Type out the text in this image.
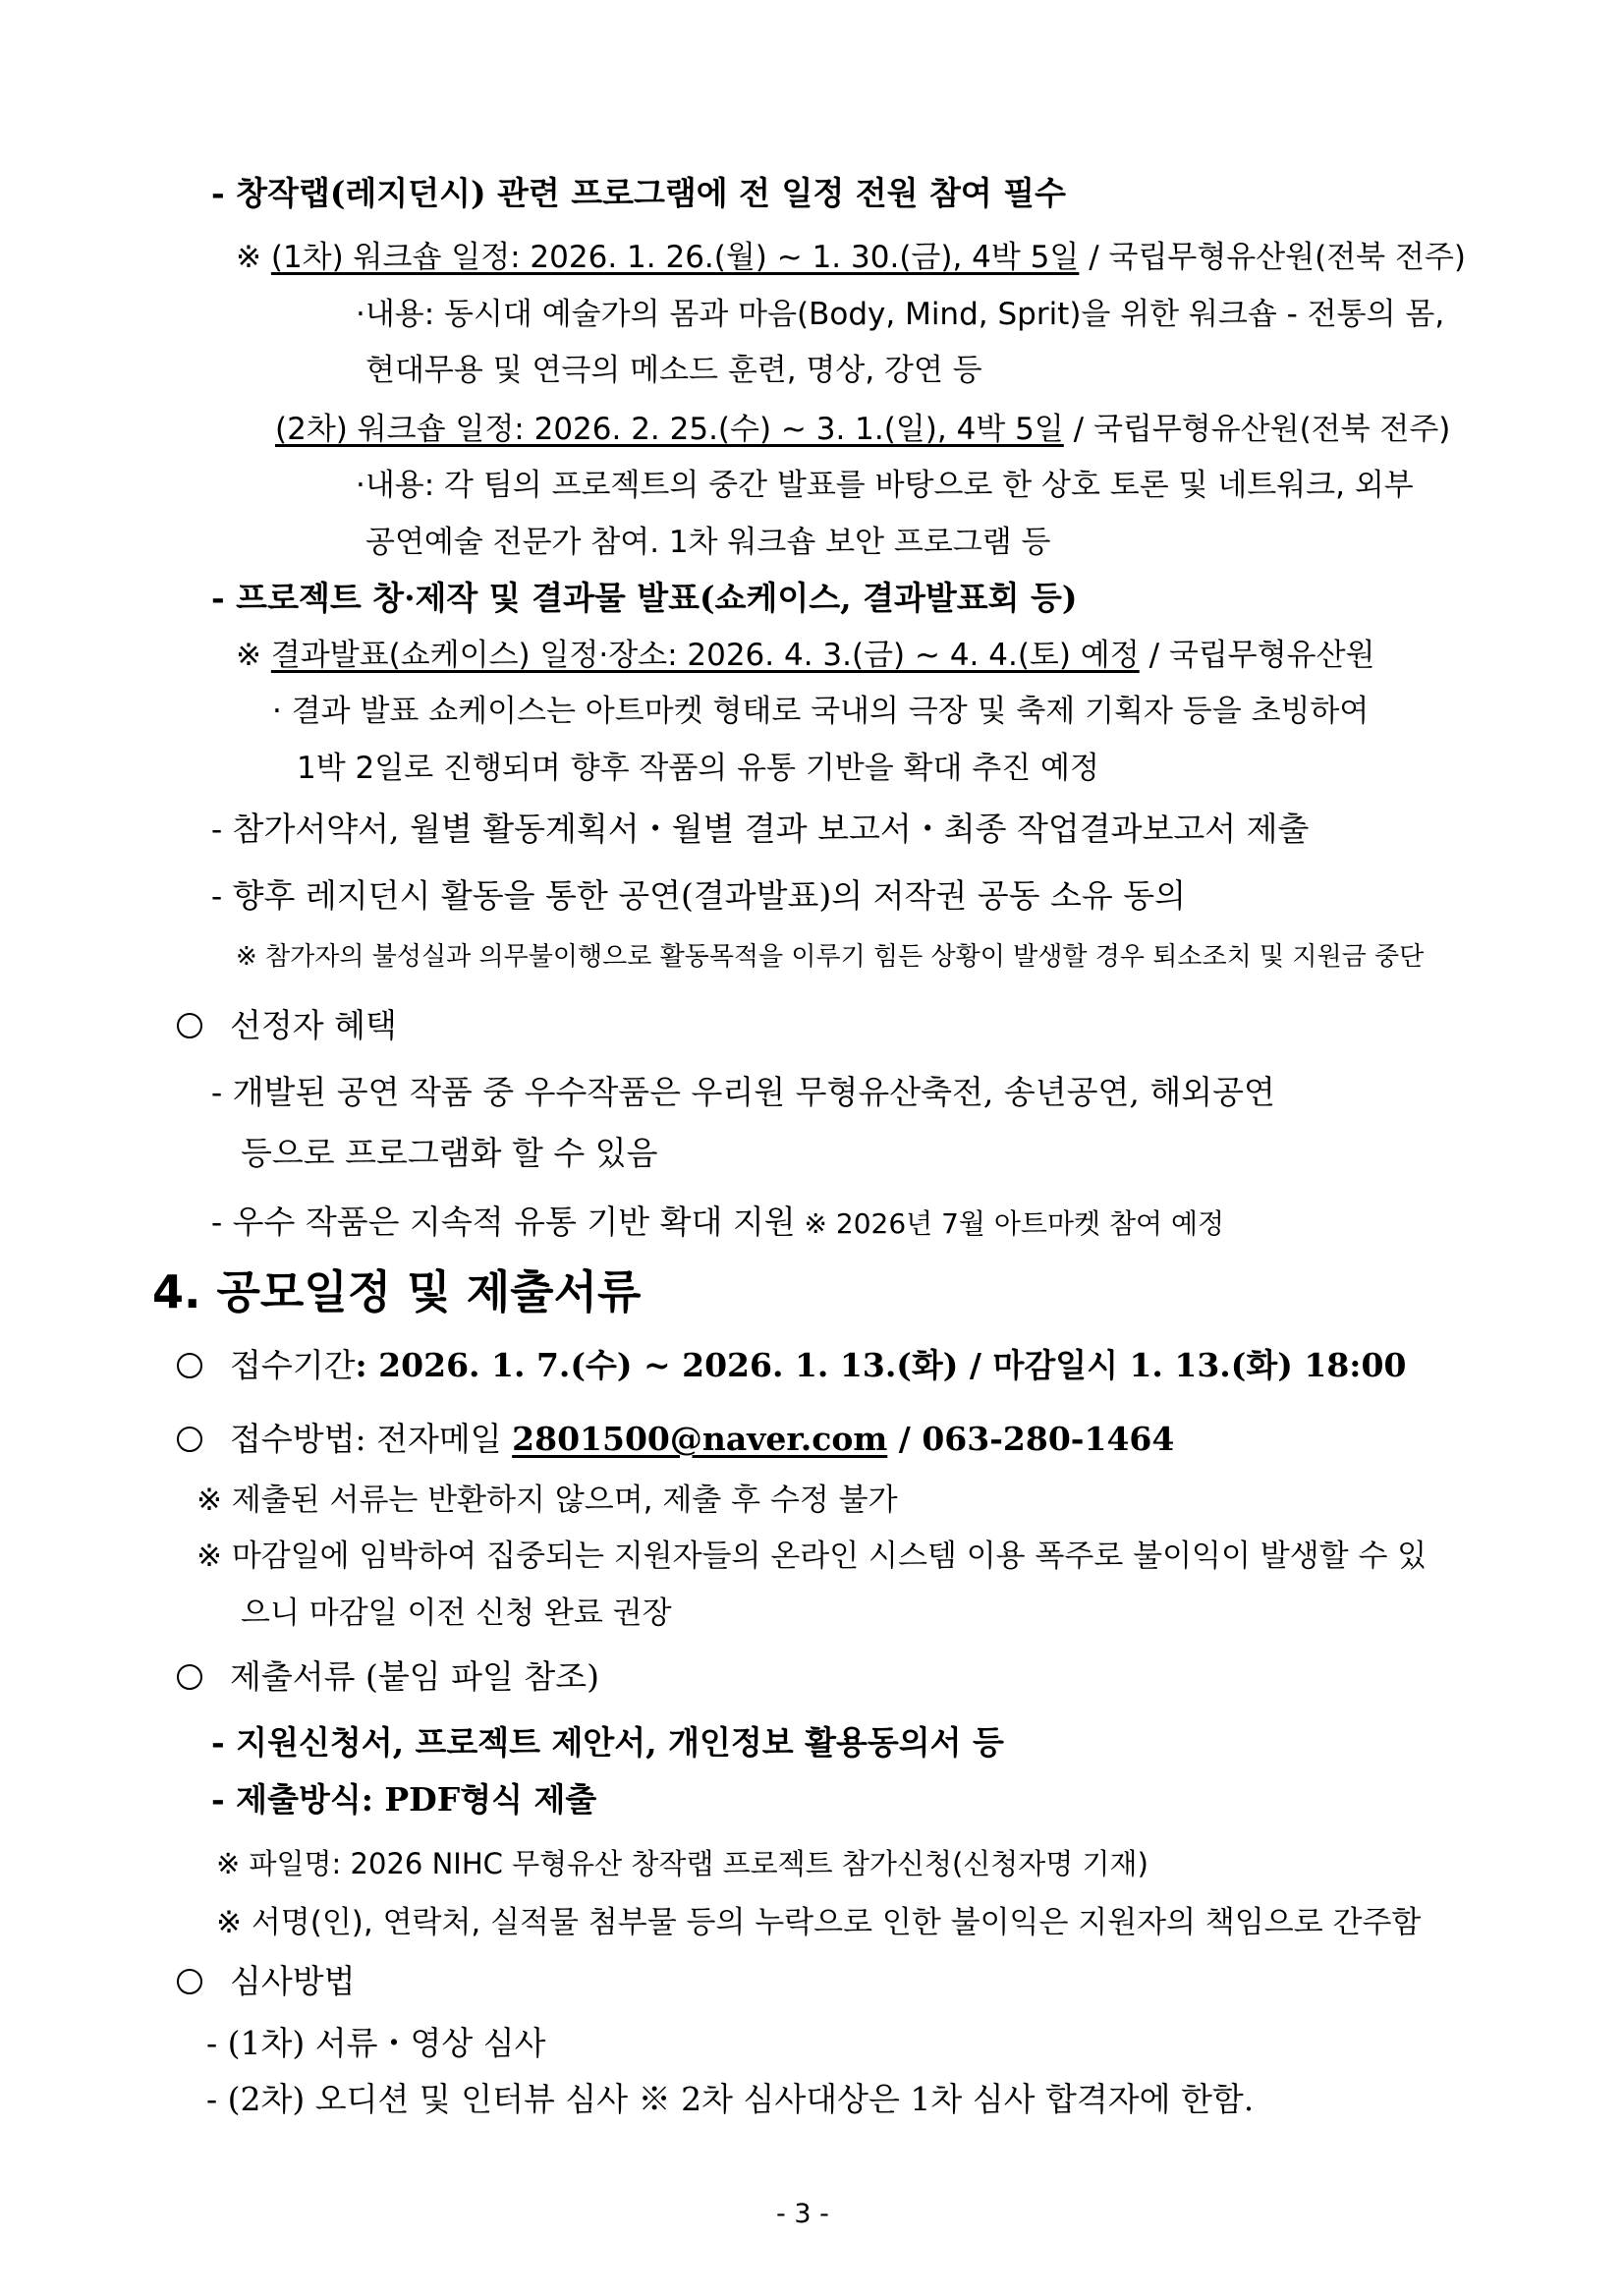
- 창작랩(레지던시) 관련 프로그램에 전 일정 전원 참여 필수
※ (1차) 워크숍 일정: 2026. 1. 26.(월) ~ 1. 30.(금), 4박 5일 / 국립무형유산원(전북 전주)
·내용: 동시대 예술가의 몸과 마음(Body, Mind, Sprit)을 위한 워크숍 - 전통의 몸,
현대무용 및 연극의 메소드 훈련, 명상, 강연 등
(2차) 워크숍 일정: 2026. 2. 25.(수) ~ 3. 1.(일), 4박 5일 / 국립무형유산원(전북 전주)
·내용: 각 팀의 프로젝트의 중간 발표를 바탕으로 한 상호 토론 및 네트워크, 외부
공연예술 전문가 참여. 1차 워크숍 보안 프로그램 등
- 프로젝트 창·제작 및 결과물 발표(쇼케이스, 결과발표회 등)
※ 결과발표(쇼케이스) 일정·장소: 2026. 4. 3.(금) ~ 4. 4.(토) 예정 / 국립무형유산원
· 결과 발표 쇼케이스는 아트마켓 형태로 국내의 극장 및 축제 기획자 등을 초빙하여
1박 2일로 진행되며 향후 작품의 유통 기반을 확대 추진 예정
- 참가서약서, 월별 활동계획서・월별 결과 보고서・최종 작업결과보고서 제출
- 향후 레지던시 활동을 통한 공연(결과발표)의 저작권 공동 소유 동의
※ 참가자의 불성실과 의무불이행으로 활동목적을 이루기 힘든 상황이 발생할 경우 퇴소조치 및 지원금 중단
선정자 혜택
- 개발된 공연 작품 중 우수작품은 우리원 무형유산축전, 송년공연, 해외공연
등으로 프로그램화 할 수 있음
- 우수 작품은 지속적 유통 기반 확대 지원 ※ 2026년 7월 아트마켓 참여 예정
4. 공모일정 및 제출서류
접수기간: 2026. 1. 7.(수) ~ 2026. 1. 13.(화) / 마감일시 1. 13.(화) 18:00
접수방법: 전자메일 2801500@naver.com / 063-280-1464
※ 제출된 서류는 반환하지 않으며, 제출 후 수정 불가
※ 마감일에 임박하여 집중되는 지원자들의 온라인 시스템 이용 폭주로 불이익이 발생할 수 있
으니 마감일 이전 신청 완료 권장
제출서류 (붙임 파일 참조)
- 지원신청서, 프로젝트 제안서, 개인정보 활용동의서 등
- 제출방식: PDF형식 제출
※ 파일명: 2026 NIHC 무형유산 창작랩 프로젝트 참가신청(신청자명 기재)
※ 서명(인), 연락처, 실적물 첨부물 등의 누락으로 인한 불이익은 지원자의 책임으로 간주함
심사방법
- (1차) 서류・영상 심사
- (2차) 오디션 및 인터뷰 심사 ※ 2차 심사대상은 1차 심사 합격자에 한함.
- 3 -
